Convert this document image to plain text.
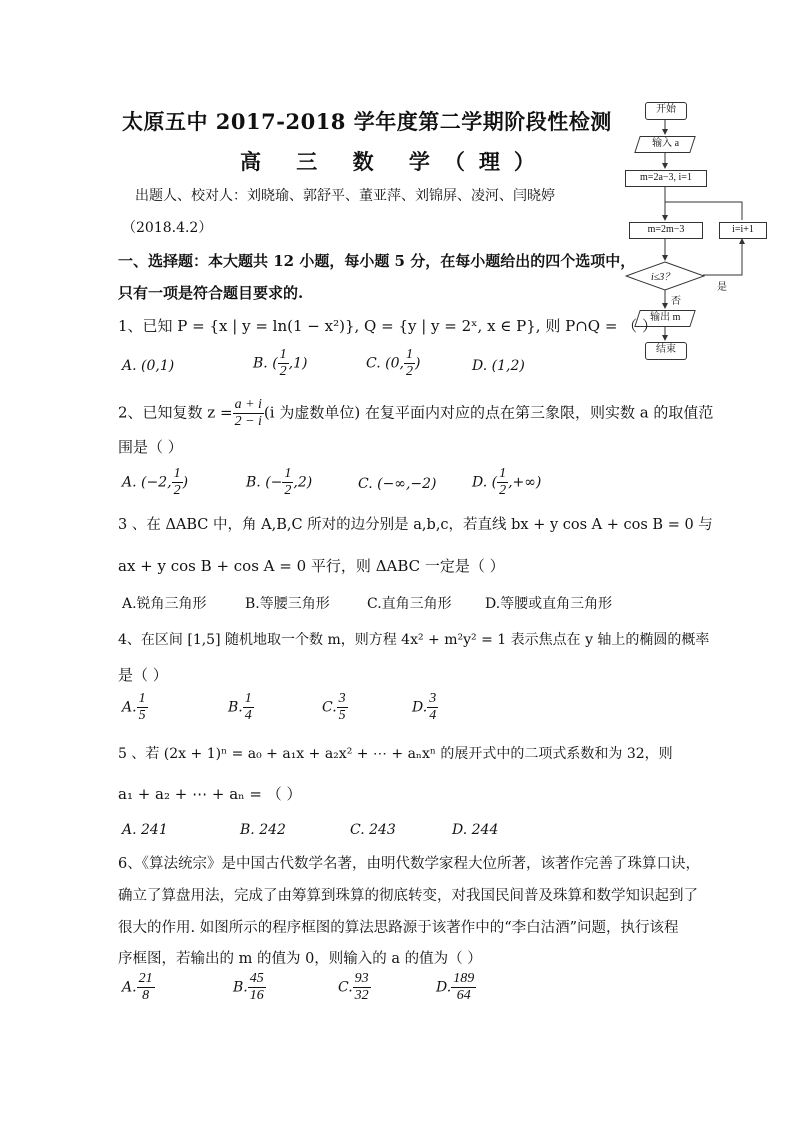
太原五中 2017-2018 学年度第二学期阶段性检测
高 三 数 学（理）
出题人、校对人：刘晓瑜、郭舒平、董亚萍、刘锦屏、凌河、闫晓婷
（2018.4.2）
一、选择题：本大题共 12 小题，每小题 5 分，在每小题给出的四个选项中，
只有一项是符合题目要求的.
开始
输入 a
m=2a−3, i=1
m=2m−3	i=i+1
i≤3？
是
否
输出 m
结束
1、已知 P = {x | y = ln(1 − x²)}, Q = {y | y = 2ˣ, x ∈ P}, 则 P∩Q = （ ）
A. (0,1)	B. ( $\frac{1}{2} ,1$)	C. (0, $\frac{1}{2}$ )	D. (1,2)
2、已知复数 $z = \frac{a + i}{2 - i} (i$ 为虚数单位) 在复平面内对应的点在第三象限，则实数 a 的取值范
围是（ ）
A. (−2, $\frac{1}{2}$ )	B. (− $\frac{1}{2} ,2$)	C. (−∞,−2)	D. ( $\frac{1}{2}$ ,+∞)
3 、在 ΔABC 中，角 A,B,C 所对的边分别是 a,b,c，若直线 bx + y cos A + cos B = 0 与
ax + y cos B + cos A = 0 平行，则 ΔABC 一定是（ ）
A.锐角三角形	B.等腰三角形	C.直角三角形 D.等腰或直角三角形
4、在区间 [1,5] 随机地取一个数 m，则方程 4x² + m²y² = 1 表示焦点在 y 轴上的椭圆的概率
是（ ）
A. $\frac{1}{5}$	B. $\frac{1}{4}$	C. $\frac{3}{5}$	D. $\frac{3}{4}$
5 、若 (2x + 1)ⁿ = a₀ + a₁x + a₂x² + ⋯ + aₙxⁿ 的展开式中的二项式系数和为 32，则
a₁ + a₂ + ⋯ + aₙ = （ ）
A. 241	B. 242	C. 243	D. 244
6、《算法统宗》是中国古代数学名著，由明代数学家程大位所著，该著作完善了珠算口诀，
确立了算盘用法，完成了由筹算到珠算的彻底转变，对我国民间普及珠算和数学知识起到了
很大的作用. 如图所示的程序框图的算法思路源于该著作中的“李白沽酒”问题，执行该程
序框图，若输出的 m 的值为 0，则输入的 a 的值为（ ）
A. $\frac{21}{8}$	B. $\frac{45}{16}$	C. $\frac{93}{32}$	D. $\frac{189}{64}$
